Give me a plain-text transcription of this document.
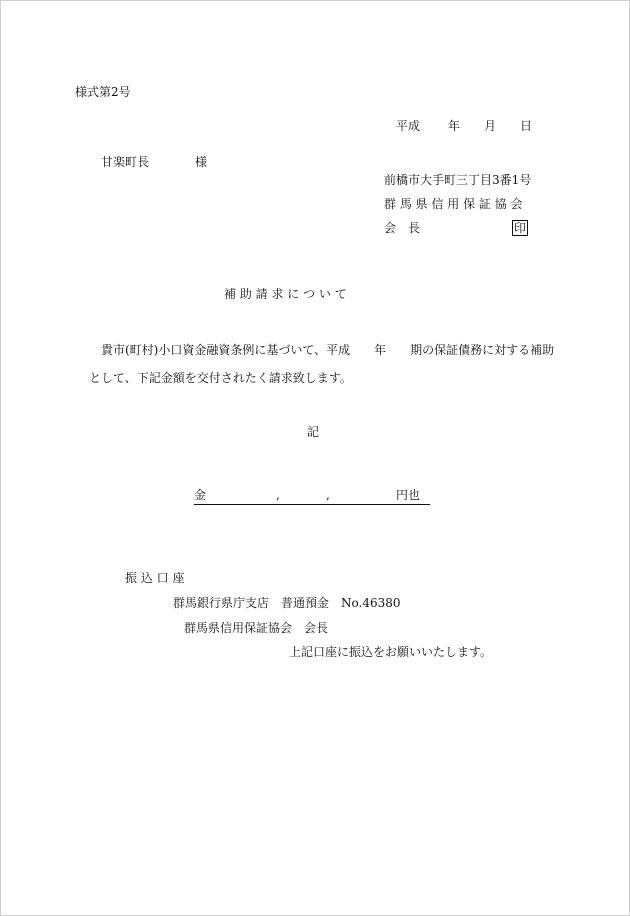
様式第2号
平成 年 月 日
甘楽町長	様
前橋市大手町三丁目3番1号
群 馬 県 信 用 保 証 協 会
会　長	印
補 助 請 求 に つ い て
貴市(町村)小口資金融資条例に基づいて、平成　　年　　期の保証債務に対する補助
として、下記金額を交付されたく請求致します。
記
金	,	,	円也
振 込 口 座
群馬銀行県庁支店　普通預金　No.46380
群馬県信用保証協会　会長
上記口座に振込をお願いいたします。
